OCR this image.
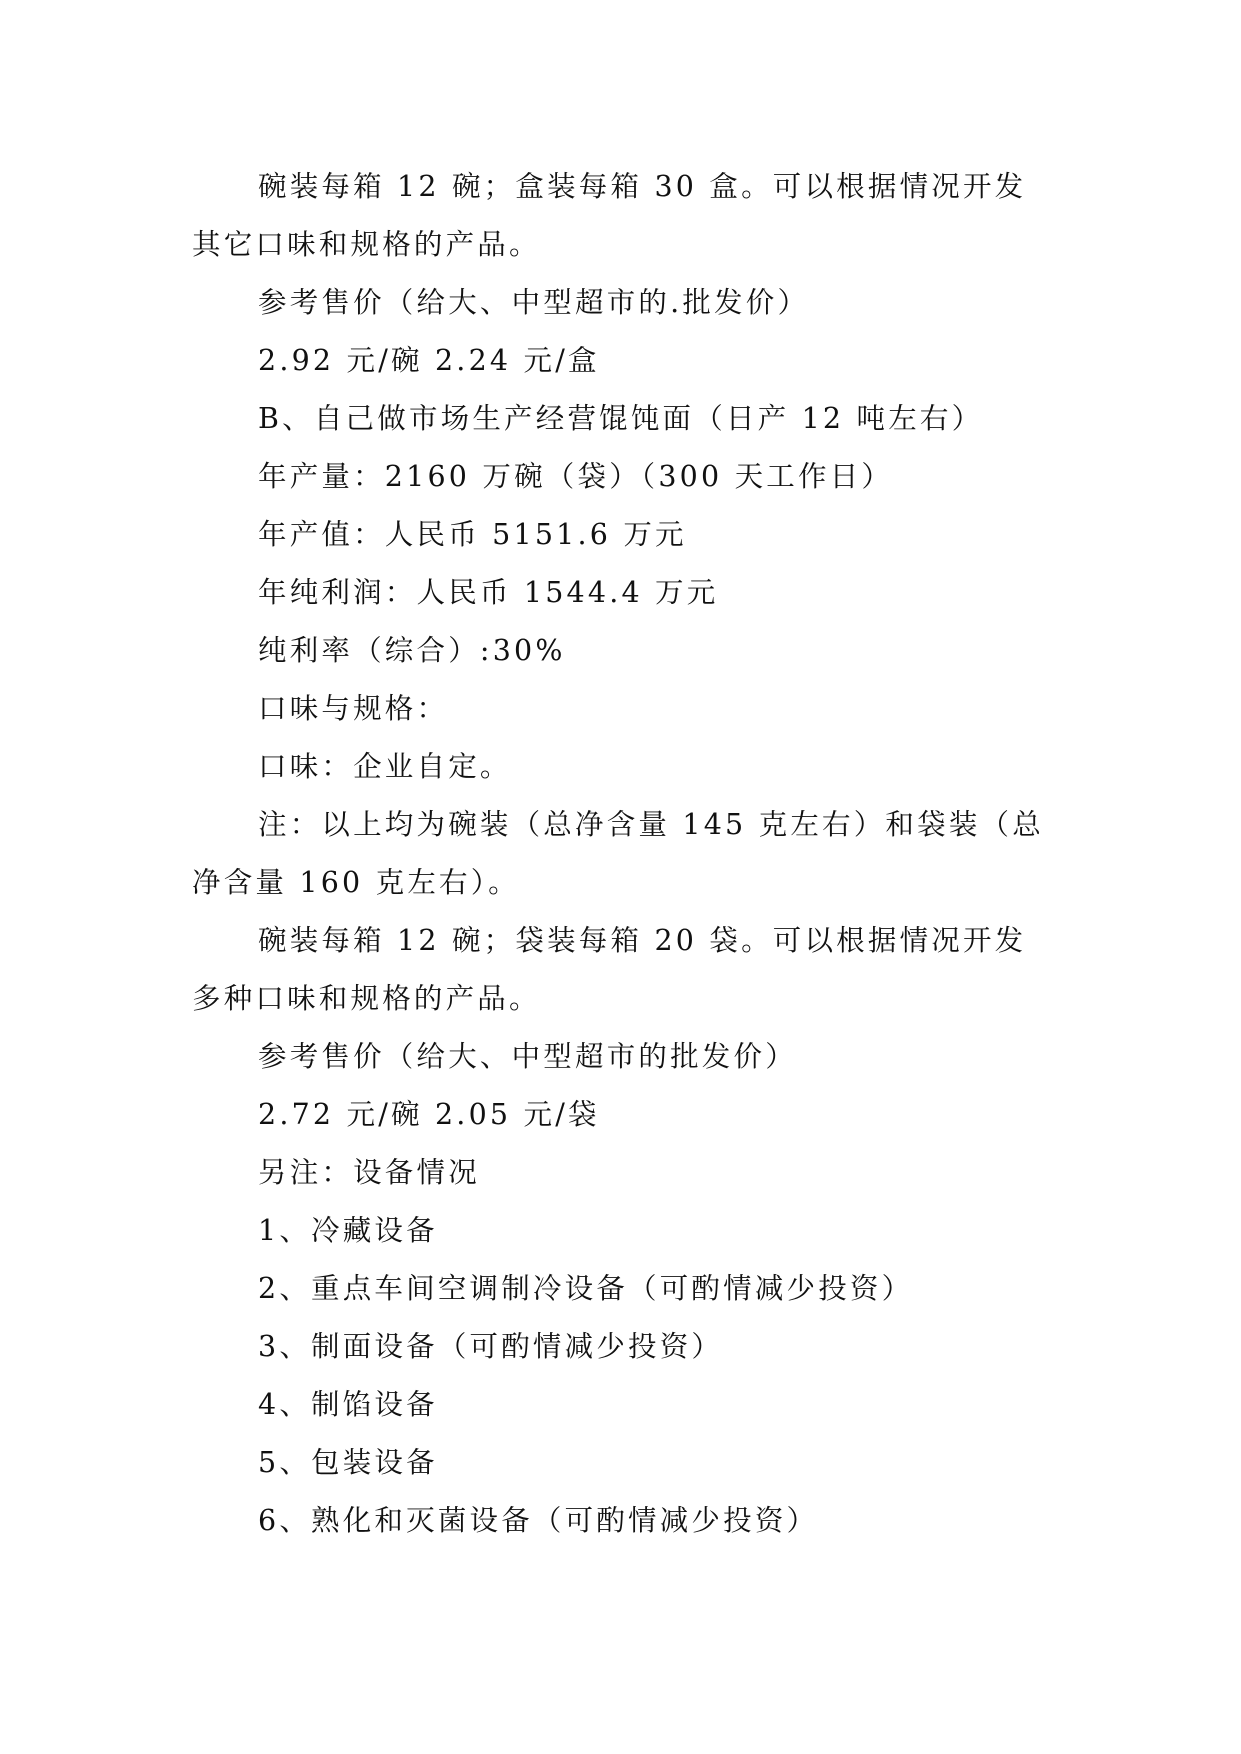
碗装每箱 12 碗；盒装每箱 30 盒。可以根据情况开发其它口味和规格的产品。

参考售价（给大、中型超市的.批发价）

2.92 元/碗 2.24 元/盒

B、自己做市场生产经营馄饨面（日产 12 吨左右）

年产量：2160 万碗（袋）（300 天工作日）

年产值：人民币 5151.6 万元

年纯利润：人民币 1544.4 万元

纯利率（综合）:30%

口味与规格：

口味：企业自定。

注：以上均为碗装（总净含量 145 克左右）和袋装（总净含量 160 克左右）。

碗装每箱 12 碗；袋装每箱 20 袋。可以根据情况开发多种口味和规格的产品。

参考售价（给大、中型超市的批发价）

2.72 元/碗 2.05 元/袋

另注：设备情况

1、冷藏设备

2、重点车间空调制冷设备（可酌情减少投资）

3、制面设备（可酌情减少投资）

4、制馅设备

5、包装设备

6、熟化和灭菌设备（可酌情减少投资）
